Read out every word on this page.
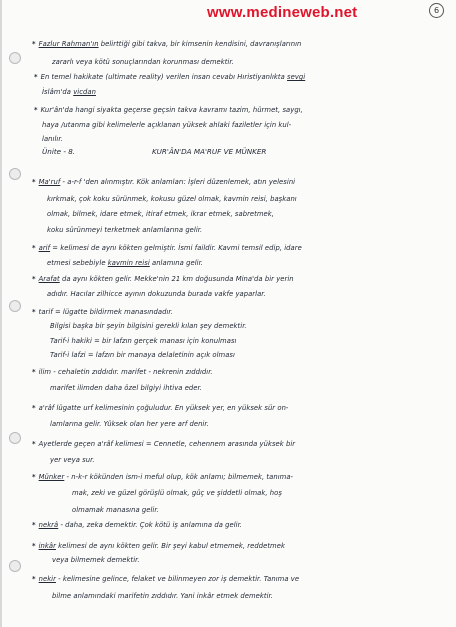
www.medineweb.net	6
Ünite - 8.	KUR'ÂN'DA MA'RUF VE MÜNKER
* Fazlur Rahman'ın belirttiği gibi takva, bir kimsenin kendisini, davranışlarının
zararlı veya kötü sonuçlarından korunması demektir.
* En temel hakikate (ultimate reality) verilen insan cevabı Hıristiyanlıkta sevgi
İslâm'da vicdan
* Kur'ân'da hangi siyakta geçerse geçsin takva kavramı tazim, hürmet, saygı,
haya /utanma gibi kelimelerle açıklanan yüksek ahlaki faziletler için kul-
lanılır.
* Ma'ruf - a-r-f 'den alınmıştır. Kök anlamları: İşleri düzenlemek, atın yelesini
kırkmak, çok koku sürünmek, kokusu güzel olmak, kavmin reisi, başkanı
olmak, bilmek, idare etmek, itiraf etmek, ikrar etmek, sabretmek,
koku sürünmeyi terketmek anlamlarına gelir.
* arif = kelimesi de aynı kökten gelmiştir. İsmi faildir. Kavmi temsil edip, idare
etmesi sebebiyle kavmin reisi anlamına gelir.
* Arafat da aynı kökten gelir. Mekke'nin 21 km doğusunda Mina'da bir yerin
adıdır. Hacılar zilhicce ayının dokuzunda burada vakfe yaparlar.
* tarif = lügatte bildirmek manasındadır.
Bilgisi başka bir şeyin bilgisini gerekli kılan şey demektir.
Tarif-i hakiki = bir lafzın gerçek manası için konulması
Tarif-i lafzi = lafzın bir manaya delaletinin açık olması
* ilim - cehaletin zıddıdır. marifet - nekrenin zıddıdır.
marifet ilimden daha özel bilgiyi ihtiva eder.
* a'râf lügatte urf kelimesinin çoğuludur. En yüksek yer, en yüksek sür on-
lamlarına gelir. Yüksek olan her yere arf denir.
* Ayetlerde geçen a'râf kelimesi = Cennetle, cehennem arasında yüksek bir
yer veya sur.
* Münker - n-k-r kökünden ism-i meful olup, kök anlamı; bilmemek, tanıma-
mak, zeki ve güzel görüşlü olmak, güç ve şiddetli olmak, hoş
olmamak manasına gelir.
* nekrâ - daha, zeka demektir. Çok kötü iş anlamına da gelir.
* inkâr kelimesi de aynı kökten gelir. Bir şeyi kabul etmemek, reddetmek
veya bilmemek demektir.
* nekir - kelimesine gelince, felaket ve bilinmeyen zor iş demektir. Tanıma ve
bilme anlamındaki marifetin zıddıdır. Yani inkâr etmek demektir.
